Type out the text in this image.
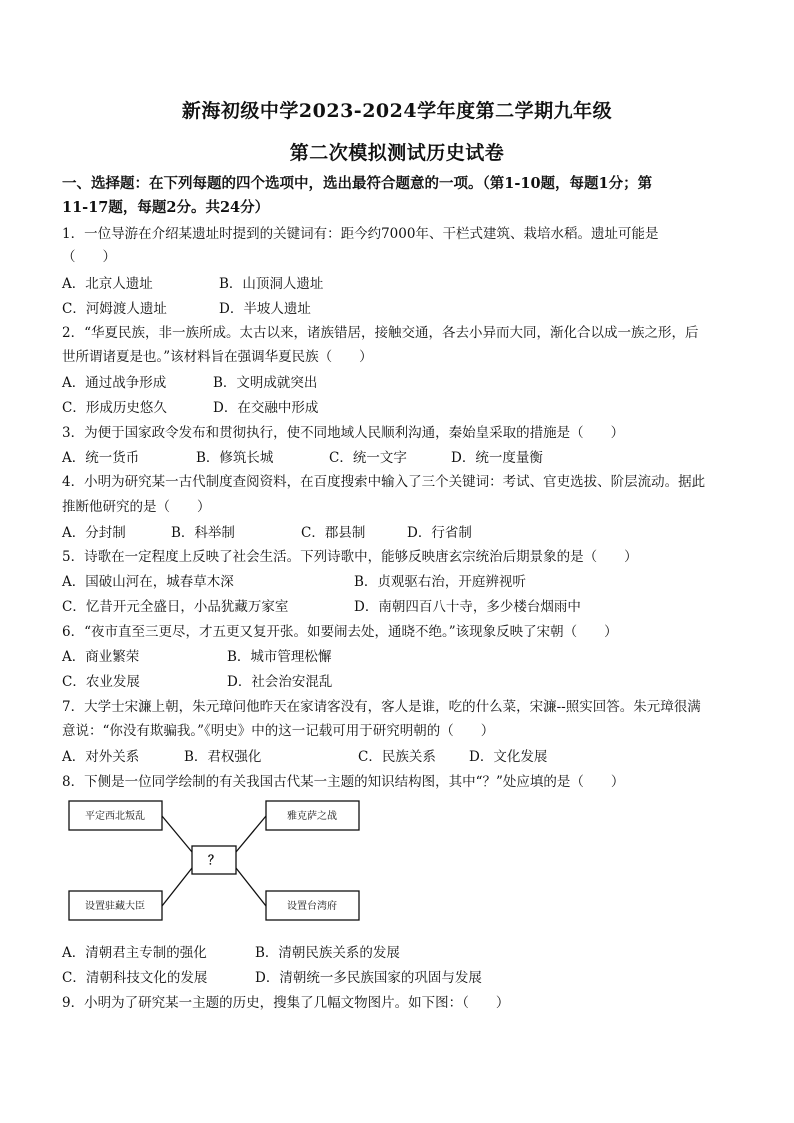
新海初级中学2023-2024学年度第二学期九年级
第二次模拟测试历史试卷
一、选择题：在下列每题的四个选项中，选出最符合题意的一项。（第1-10题，每题1分；第
11-17题，每题2分。共24分）
1．一位导游在介绍某遗址时提到的关键词有：距今约7000年、干栏式建筑、栽培水稻。遗址可能是
（　　）
A．北京人遗址	B．山顶洞人遗址
C．河姆渡人遗址	D．半坡人遗址
2．“华夏民族，非一族所成。太古以来，诸族错居，接触交通，各去小异而大同，渐化合以成一族之形，后
世所谓诸夏是也。”该材料旨在强调华夏民族（　　）
A．通过战争形成	B．文明成就突出
C．形成历史悠久	D．在交融中形成
3．为便于国家政令发布和贯彻执行，使不同地域人民顺利沟通，秦始皇采取的措施是（　　）
A．统一货币	B．修筑长城	C．统一文字	D．统一度量衡
4．小明为研究某一古代制度查阅资料，在百度搜索中输入了三个关键词：考试、官吏选拔、阶层流动。据此
推断他研究的是（　　）
A．分封制	B．科举制	C．郡县制	D．行省制
5．诗歌在一定程度上反映了社会生活。下列诗歌中，能够反映唐玄宗统治后期景象的是（　　）
A．国破山河在，城春草木深	B．贞观驱右治，开庭辨视听
C．忆昔开元全盛日，小品犹藏万家室	D．南朝四百八十寺，多少楼台烟雨中
6．“夜市直至三更尽，才五更又复开张。如要闹去处，通晓不绝。”该现象反映了宋朝（　　）
A．商业繁荣	B．城市管理松懈
C．农业发展	D．社会治安混乱
7．大学士宋濂上朝，朱元璋问他昨天在家请客没有，客人是谁，吃的什么菜，宋濂--照实回答。朱元璋很满
意说：“你没有欺骗我。”《明史》中的这一记载可用于研究明朝的（　　）
A．对外关系	B．君权强化	C．民族关系 D．文化发展
8．下侧是一位同学绘制的有关我国古代某一主题的知识结构图，其中“？”处应填的是（　　）
平定西北叛乱	雅克萨之战
？
设置驻藏大臣	设置台湾府
A．清朝君主专制的强化	B．清朝民族关系的发展
C．清朝科技文化的发展	D．清朝统一多民族国家的巩固与发展
9．小明为了研究某一主题的历史，搜集了几幅文物图片。如下图：（　　）
